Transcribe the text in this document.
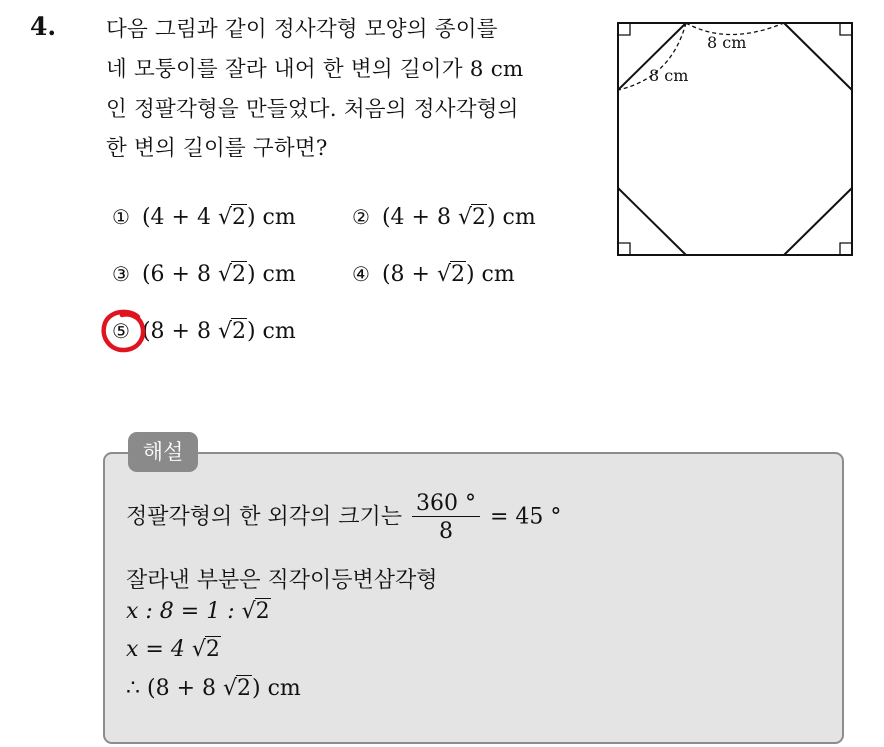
4. 다음 그림과 같이 정사각형 모양의 종이를
네 모퉁이를 잘라 내어 한 변의 길이가 8 cm
인 정팔각형을 만들었다. 처음의 정사각형의
한 변의 길이를 구하면?
8 cm
8 cm
① (4 + 4 √2) cm	② (4 + 8 √2) cm
③ (6 + 8 √2) cm	④ (8 + √2) cm
⑤ (8 + 8 √2) cm
해설
정팔각형의 한 외각의 크기는 $\frac{360 ^\circ}{8} = 45$ °
잘라낸 부분은 직각이등변삼각형
x : 8 = 1 : √2
x = 4 √2
∴ (8 + 8 √2) cm
